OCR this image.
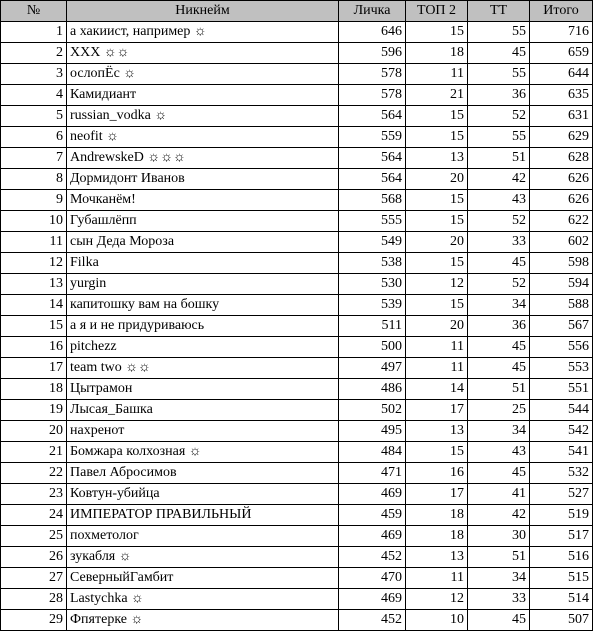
№	Никнейм	Личка	ТОП 2	ТТ	Итого
1	а хакиист, например ☼	646	15	55	716
2	XXX ☼☼	596	18	45	659
3	ослопЁс ☼	578	11	55	644
4	Камидиант	578	21	36	635
5	russian_vodka ☼	564	15	52	631
6	neofit ☼	559	15	55	629
7	AndrewskeD ☼☼☼	564	13	51	628
8	Дормидонт Иванов	564	20	42	626
9	Мочканём!	568	15	43	626
10	Губашлёпп	555	15	52	622
11	сын Деда Мороза	549	20	33	602
12	Filka	538	15	45	598
13	yurgin	530	12	52	594
14	капитошку вам на бошку	539	15	34	588
15	а я и не придуриваюсь	511	20	36	567
16	pitchezz	500	11	45	556
17	team two ☼☼	497	11	45	553
18	Цытрамон	486	14	51	551
19	Лысая_Башка	502	17	25	544
20	нахренот	495	13	34	542
21	Бомжара колхозная ☼	484	15	43	541
22	Павел Абросимов	471	16	45	532
23	Ковтун-убийца	469	17	41	527
24	ИМПЕРАТОР ПРАВИЛЬНЫЙ	459	18	42	519
25	похметолог	469	18	30	517
26	зукабля ☼	452	13	51	516
27	СеверныйГамбит	470	11	34	515
28	Lastychka ☼	469	12	33	514
29	Фпятерке ☼	452	10	45	507
